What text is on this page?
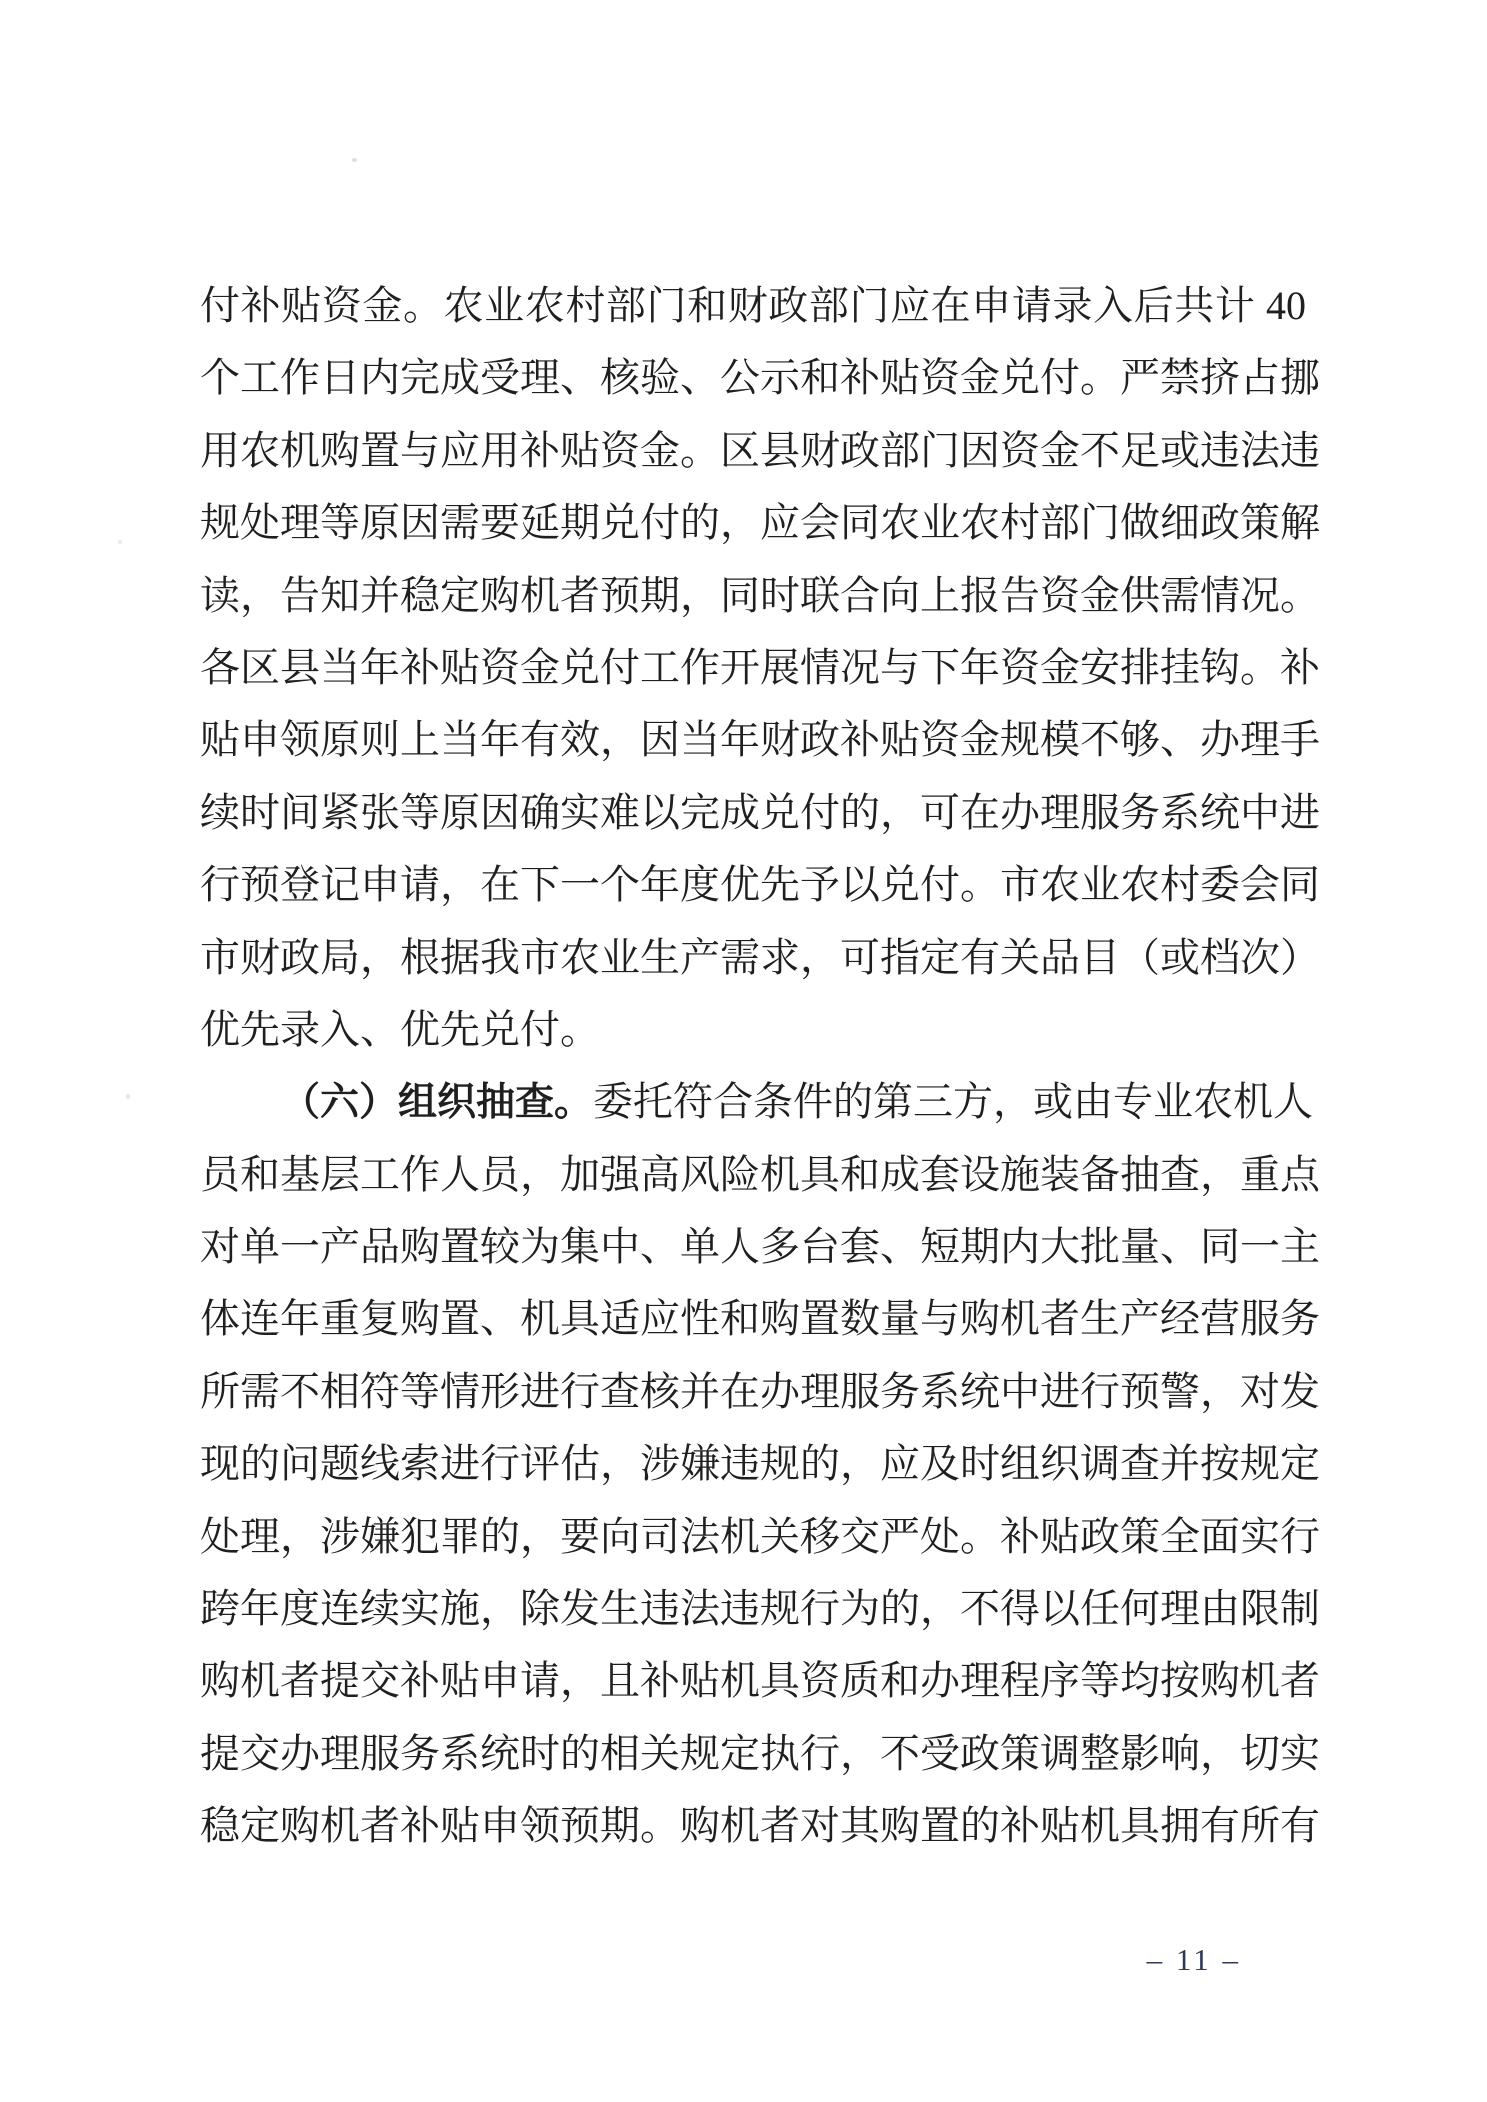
付补贴资金。农业农村部门和财政部门应在申请录入后共计 40
个工作日内完成受理、核验、公示和补贴资金兑付。严禁挤占挪
用农机购置与应用补贴资金。区县财政部门因资金不足或违法违
规处理等原因需要延期兑付的，应会同农业农村部门做细政策解
读，告知并稳定购机者预期，同时联合向上报告资金供需情况。
各区县当年补贴资金兑付工作开展情况与下年资金安排挂钩。补
贴申领原则上当年有效，因当年财政补贴资金规模不够、办理手
续时间紧张等原因确实难以完成兑付的，可在办理服务系统中进
行预登记申请，在下一个年度优先予以兑付。市农业农村委会同
市财政局，根据我市农业生产需求，可指定有关品目（或档次）
优先录入、优先兑付。
（六）组织抽查。委托符合条件的第三方，或由专业农机人
员和基层工作人员，加强高风险机具和成套设施装备抽查，重点
对单一产品购置较为集中、单人多台套、短期内大批量、同一主
体连年重复购置、机具适应性和购置数量与购机者生产经营服务
所需不相符等情形进行查核并在办理服务系统中进行预警，对发
现的问题线索进行评估，涉嫌违规的，应及时组织调查并按规定
处理，涉嫌犯罪的，要向司法机关移交严处。补贴政策全面实行
跨年度连续实施，除发生违法违规行为的，不得以任何理由限制
购机者提交补贴申请，且补贴机具资质和办理程序等均按购机者
提交办理服务系统时的相关规定执行，不受政策调整影响，切实
稳定购机者补贴申领预期。购机者对其购置的补贴机具拥有所有
– 11 –
